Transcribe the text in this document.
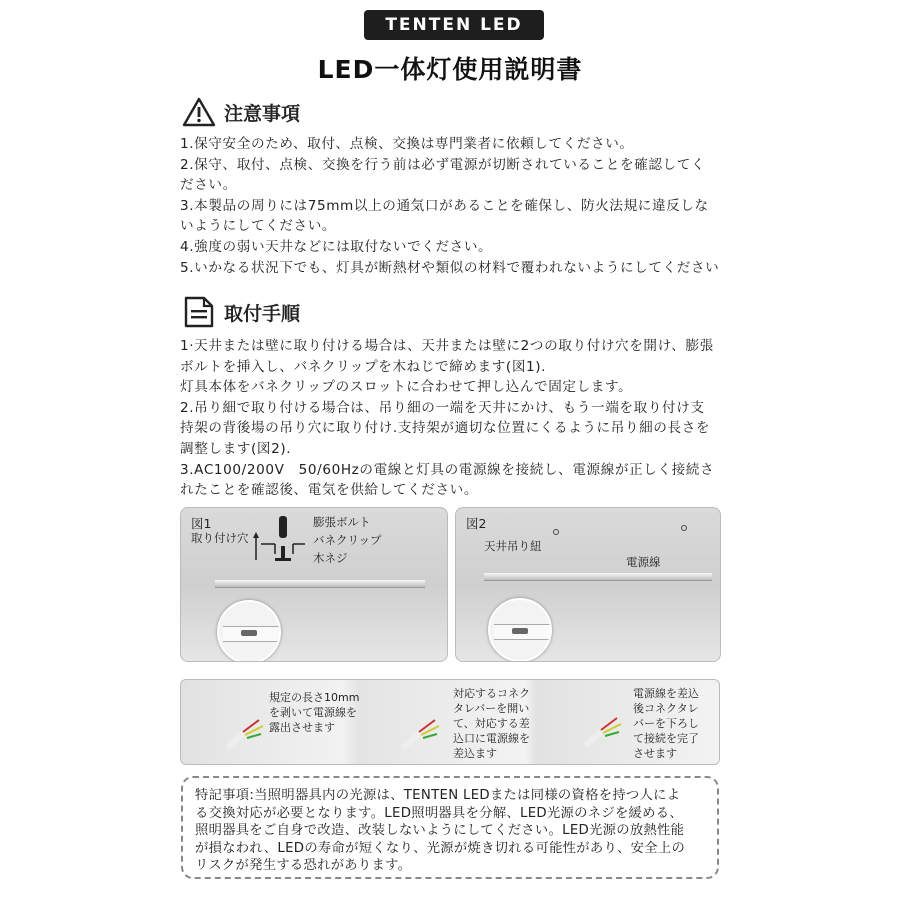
TENTEN LED
LED一体灯使用説明書
注意事項

1.保守安全のため、取付、点検、交換は専門業者に依頼してください。

2.保守、取付、点検、交換を行う前は必ず電源が切断されていることを確認してく

ださい。

3.本製品の周りには75mm以上の通気口があることを確保し、防火法規に違反しな

いようにしてください。

4.強度の弱い天井などには取付ないでください。

5.いかなる状況下でも、灯具が断熱材や類似の材料で覆われないようにしてください

取付手順

1·天井または壁に取り付ける場合は、天井または壁に2つの取り付け穴を開け、膨張

ボルトを挿入し、バネクリップを木ねじで締めます(図1).

灯具本体をバネクリップのスロットに合わせて押し込んで固定します。

2.吊り細で取り付ける場合は、吊り細の一端を天井にかけ、もう一端を取り付け支

持架の背後場の吊り穴に取り付け.支持架が適切な位置にくるように吊り細の長さを

調整します(図2).

3.AC100/200V　50/60Hzの電線と灯具の電源線を接続し、電源線が正しく接続さ

れたことを確認後、電気を供給してください。

図1
取り付け穴
膨張ボルト
バネクリップ
木ネジ
図2
天井吊り紐
電源線
規定の長さ10mm
を剥いて電源線を
露出させます
対応するコネク
タレバーを開い
て、対応する差
込口に電源線を
差込ます
電源線を差込
後コネクタレ
バーを下ろし
て接続を完了
させます

特記事項:当照明器具内の光源は、TENTEN LEDまたは同様の資格を持つ人によ

る交換対応が必要となります。LED照明器具を分解、LED光源のネジを緩める、

照明器具をご自身で改造、改装しないようにしてください。LED光源の放熱性能

が損なわれ、LEDの寿命が短くなり、光源が焼き切れる可能性があり、安全上の

リスクが発生する恐れがあります。
